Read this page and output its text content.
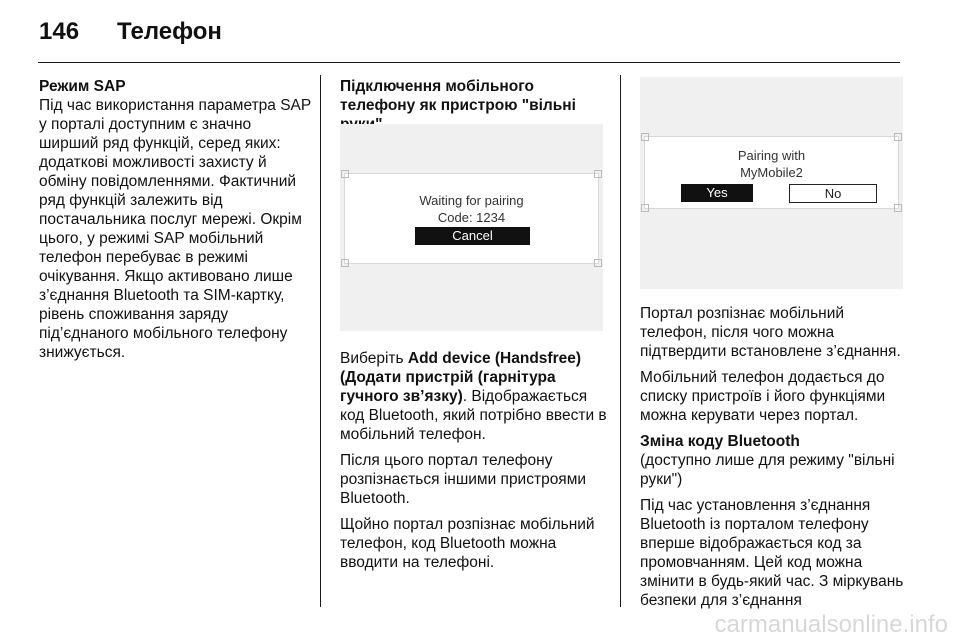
146 Телефон

Режим SAP

Під час використання параметра SAP у порталі доступним є значно ширший ряд функцій, серед яких: додаткові можливості захисту й обміну повідомленнями. Фактичний ряд функцій залежить від постачальника послуг мережі. Окрім цього, у режимі SAP мобільний телефон перебуває в режимі очікування. Якщо активовано лише з’єднання Bluetooth та SIM-картку, рівень споживання заряду під’єднаного мобільного телефону знижується.

Підключення мобільного телефону як пристрою "вільні

Waiting for pairing
Code: 1234
Cancel

Виберіть Add device (Handsfree) (Додати пристрій (гарнітура гучного зв’язку). Відображається код Bluetooth, який потрібно ввести в мобільний телефон.

Після цього портал телефону розпізнається іншими пристроями Bluetooth.

Щойно портал розпізнає мобільний телефон, код Bluetooth можна вводити на телефоні.

Pairing with
MyMobile2
Yes	No

Портал розпізнає мобільний телефон, після чого можна підтвердити встановлене з’єднання.

Мобільний телефон додається до списку пристроїв і його функціями можна керувати через портал.

Зміна коду Bluetooth

(доступно лише для режиму "вільні руки")

Під час установлення з’єднання Bluetooth із порталом телефону вперше відображається код за промовчанням. Цей код можна змінити в будь-який час. З міркувань безпеки для з’єднання

carmanualsonline.info
